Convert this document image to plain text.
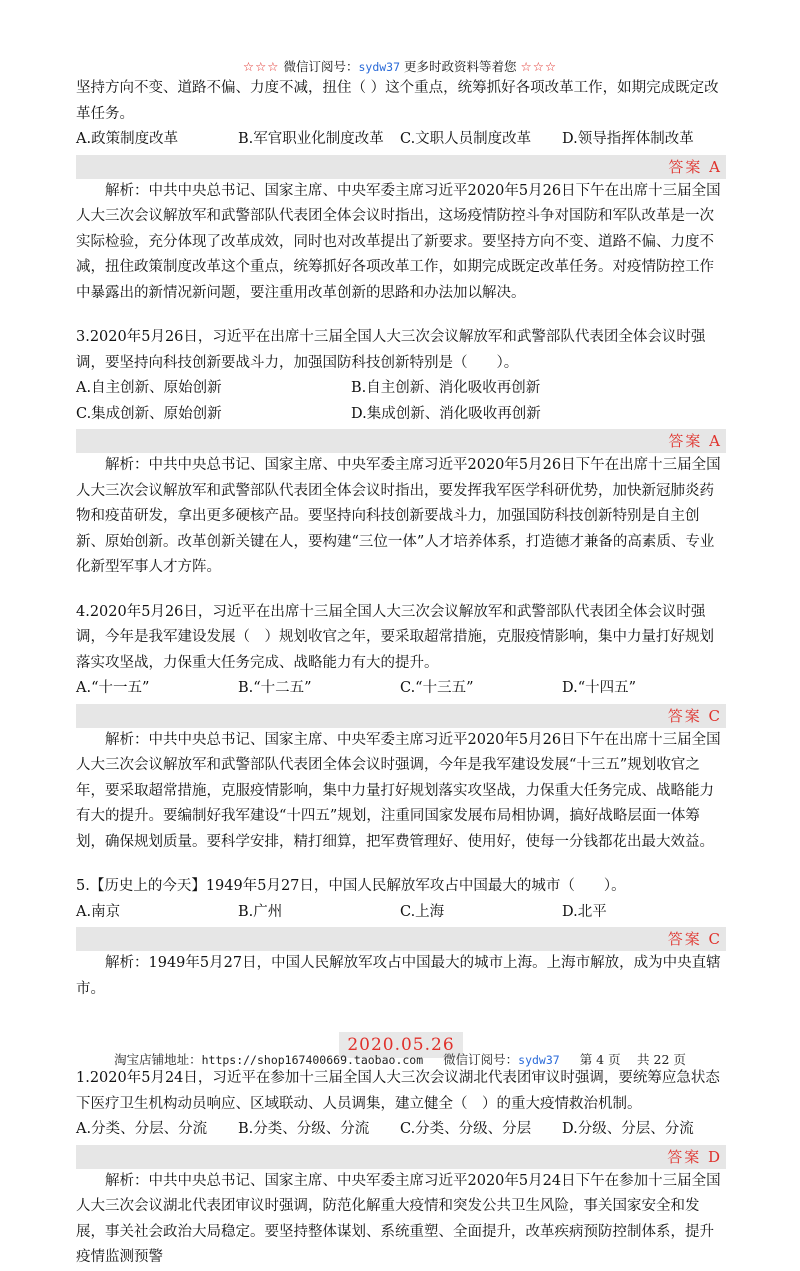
☆☆☆ 微信订阅号：sydw37 更多时政资料等着您 ☆☆☆

坚持方向不变、道路不偏、力度不减，扭住（ ）这个重点，统筹抓好各项改革工作，如期完成既定改革任务。

A.政策制度改革	B.军官职业化制度改革	C.文职人员制度改革	D.领导指挥体制改革
答案 A

解析：中共中央总书记、国家主席、中央军委主席习近平2020年5月26日下午在出席十三届全国人大三次会议解放军和武警部队代表团全体会议时指出，这场疫情防控斗争对国防和军队改革是一次实际检验，充分体现了改革成效，同时也对改革提出了新要求。要坚持方向不变、道路不偏、力度不减，扭住政策制度改革这个重点，统筹抓好各项改革工作，如期完成既定改革任务。对疫情防控工作中暴露出的新情况新问题，要注重用改革创新的思路和办法加以解决。

3.2020年5月26日，习近平在出席十三届全国人大三次会议解放军和武警部队代表团全体会议时强调，要坚持向科技创新要战斗力，加强国防科技创新特别是（　　）。

A.自主创新、原始创新	B.自主创新、消化吸收再创新
C.集成创新、原始创新	D.集成创新、消化吸收再创新
答案 A

解析：中共中央总书记、国家主席、中央军委主席习近平2020年5月26日下午在出席十三届全国人大三次会议解放军和武警部队代表团全体会议时指出，要发挥我军医学科研优势，加快新冠肺炎药物和疫苗研发，拿出更多硬核产品。要坚持向科技创新要战斗力，加强国防科技创新特别是自主创新、原始创新。改革创新关键在人，要构建“三位一体”人才培养体系，打造德才兼备的高素质、专业化新型军事人才方阵。

4.2020年5月26日，习近平在出席十三届全国人大三次会议解放军和武警部队代表团全体会议时强调，今年是我军建设发展（　）规划收官之年，要采取超常措施，克服疫情影响，集中力量打好规划落实攻坚战，力保重大任务完成、战略能力有大的提升。

A.“十一五”	B.“十二五”	C.“十三五”	D.“十四五”
答案 C

解析：中共中央总书记、国家主席、中央军委主席习近平2020年5月26日下午在出席十三届全国人大三次会议解放军和武警部队代表团全体会议时强调，今年是我军建设发展“十三五”规划收官之年，要采取超常措施，克服疫情影响，集中力量打好规划落实攻坚战，力保重大任务完成、战略能力有大的提升。要编制好我军建设“十四五”规划，注重同国家发展布局相协调，搞好战略层面一体筹划，确保规划质量。要科学安排，精打细算，把军费管理好、使用好，使每一分钱都花出最大效益。

5.【历史上的今天】1949年5月27日，中国人民解放军攻占中国最大的城市（　　）。

A.南京	B.广州	C.上海	D.北平
答案 C

解析：1949年5月27日，中国人民解放军攻占中国最大的城市上海。上海市解放，成为中央直辖市。

2020.05.26

1.2020年5月24日，习近平在参加十三届全国人大三次会议湖北代表团审议时强调，要统筹应急状态下医疗卫生机构动员响应、区域联动、人员调集，建立健全（　）的重大疫情救治机制。

A.分类、分层、分流	B.分类、分级、分流	C.分类、分级、分层	D.分级、分层、分流
答案 D

解析：中共中央总书记、国家主席、中央军委主席习近平2020年5月24日下午在参加十三届全国人大三次会议湖北代表团审议时强调，防范化解重大疫情和突发公共卫生风险，事关国家安全和发展，事关社会政治大局稳定。要坚持整体谋划、系统重塑、全面提升，改革疾病预防控制体系，提升疫情监测预警

淘宝店铺地址：https://shop167400669.taobao.com 微信订阅号：sydw37 第 4 页　 共 22 页
